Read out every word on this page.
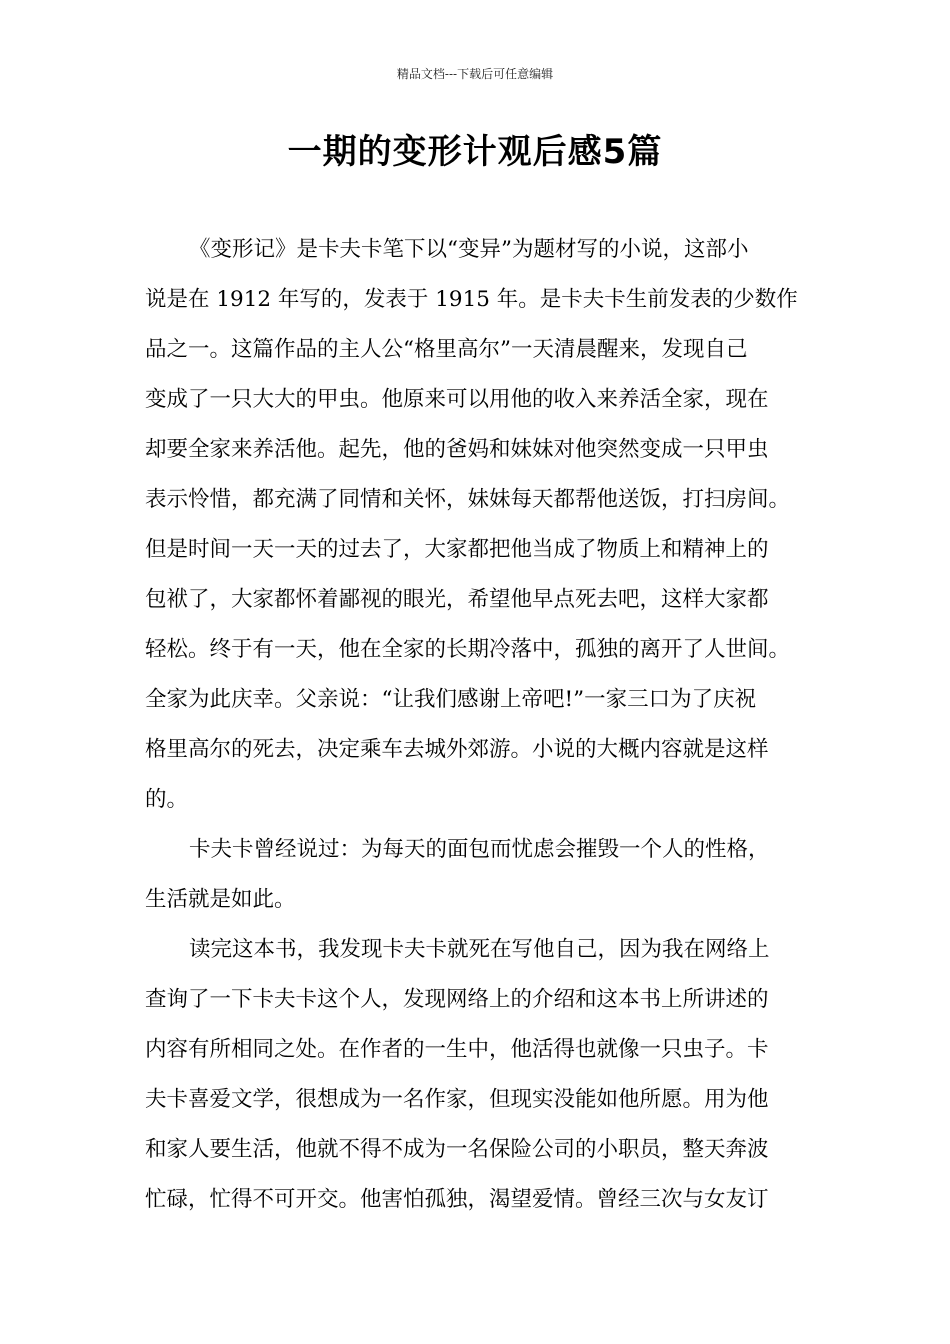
精品文档---下载后可任意编辑
一期的变形计观后感5篇
《变形记》是卡夫卡笔下以“变异”为题材写的小说，这部小
说是在 1912 年写的，发表于 1915 年。是卡夫卡生前发表的少数作
品之一。这篇作品的主人公“格里高尔”一天清晨醒来，发现自己
变成了一只大大的甲虫。他原来可以用他的收入来养活全家，现在
却要全家来养活他。起先，他的爸妈和妹妹对他突然变成一只甲虫
表示怜惜，都充满了同情和关怀，妹妹每天都帮他送饭，打扫房间。
但是时间一天一天的过去了，大家都把他当成了物质上和精神上的
包袱了，大家都怀着鄙视的眼光，希望他早点死去吧，这样大家都
轻松。终于有一天，他在全家的长期冷落中，孤独的离开了人世间。
全家为此庆幸。父亲说：“让我们感谢上帝吧!”一家三口为了庆祝
格里高尔的死去，决定乘车去城外郊游。小说的大概内容就是这样
的。
卡夫卡曾经说过：为每天的面包而忧虑会摧毁一个人的性格，
生活就是如此。
读完这本书，我发现卡夫卡就死在写他自己，因为我在网络上
查询了一下卡夫卡这个人，发现网络上的介绍和这本书上所讲述的
内容有所相同之处。在作者的一生中，他活得也就像一只虫子。卡
夫卡喜爱文学，很想成为一名作家，但现实没能如他所愿。用为他
和家人要生活，他就不得不成为一名保险公司的小职员，整天奔波
忙碌，忙得不可开交。他害怕孤独，渴望爱情。曾经三次与女友订
